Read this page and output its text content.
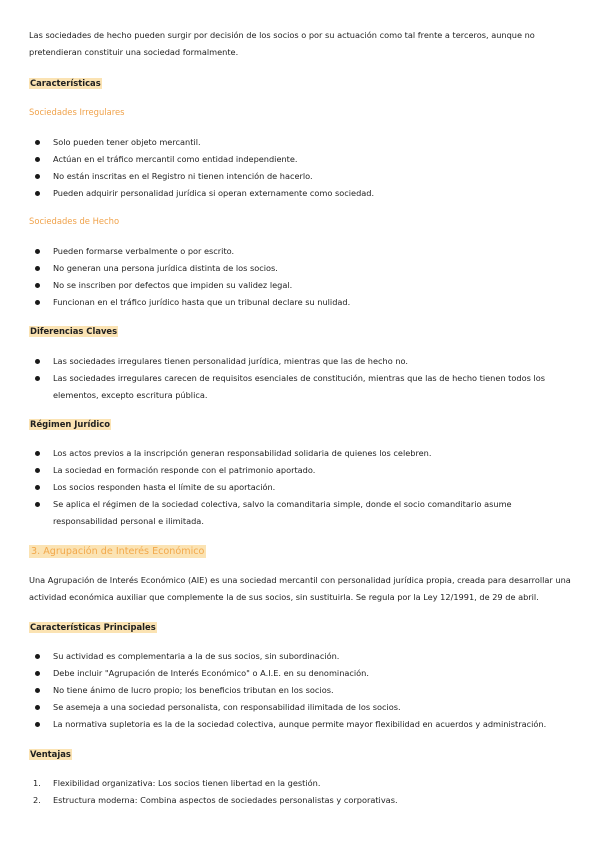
Las sociedades de hecho pueden surgir por decisión de los socios o por su actuación como tal frente a terceros, aunque no pretendieran constituir una sociedad formalmente.

Características
Sociedades Irregulares
Solo pueden tener objeto mercantil.
Actúan en el tráfico mercantil como entidad independiente.
No están inscritas en el Registro ni tienen intención de hacerlo.
Pueden adquirir personalidad jurídica si operan externamente como sociedad.
Sociedades de Hecho
Pueden formarse verbalmente o por escrito.
No generan una persona jurídica distinta de los socios.
No se inscriben por defectos que impiden su validez legal.
Funcionan en el tráfico jurídico hasta que un tribunal declare su nulidad.
Diferencias Claves
Las sociedades irregulares tienen personalidad jurídica, mientras que las de hecho no.
Las sociedades irregulares carecen de requisitos esenciales de constitución, mientras que las de hecho tienen todos los elementos, excepto escritura pública.
Régimen Jurídico
Los actos previos a la inscripción generan responsabilidad solidaria de quienes los celebren.
La sociedad en formación responde con el patrimonio aportado.
Los socios responden hasta el límite de su aportación.
Se aplica el régimen de la sociedad colectiva, salvo la comanditaria simple, donde el socio comanditario asume responsabilidad personal e ilimitada.
3. Agrupación de Interés Económico

Una Agrupación de Interés Económico (AIE) es una sociedad mercantil con personalidad jurídica propia, creada para desarrollar una actividad económica auxiliar que complemente la de sus socios, sin sustituirla. Se regula por la Ley 12/1991, de 29 de abril.

Características Principales
Su actividad es complementaria a la de sus socios, sin subordinación.
Debe incluir "Agrupación de Interés Económico" o A.I.E. en su denominación.
No tiene ánimo de lucro propio; los beneficios tributan en los socios.
Se asemeja a una sociedad personalista, con responsabilidad ilimitada de los socios.
La normativa supletoria es la de la sociedad colectiva, aunque permite mayor flexibilidad en acuerdos y administración.
Ventajas
1. Flexibilidad organizativa: Los socios tienen libertad en la gestión.
2. Estructura moderna: Combina aspectos de sociedades personalistas y corporativas.
